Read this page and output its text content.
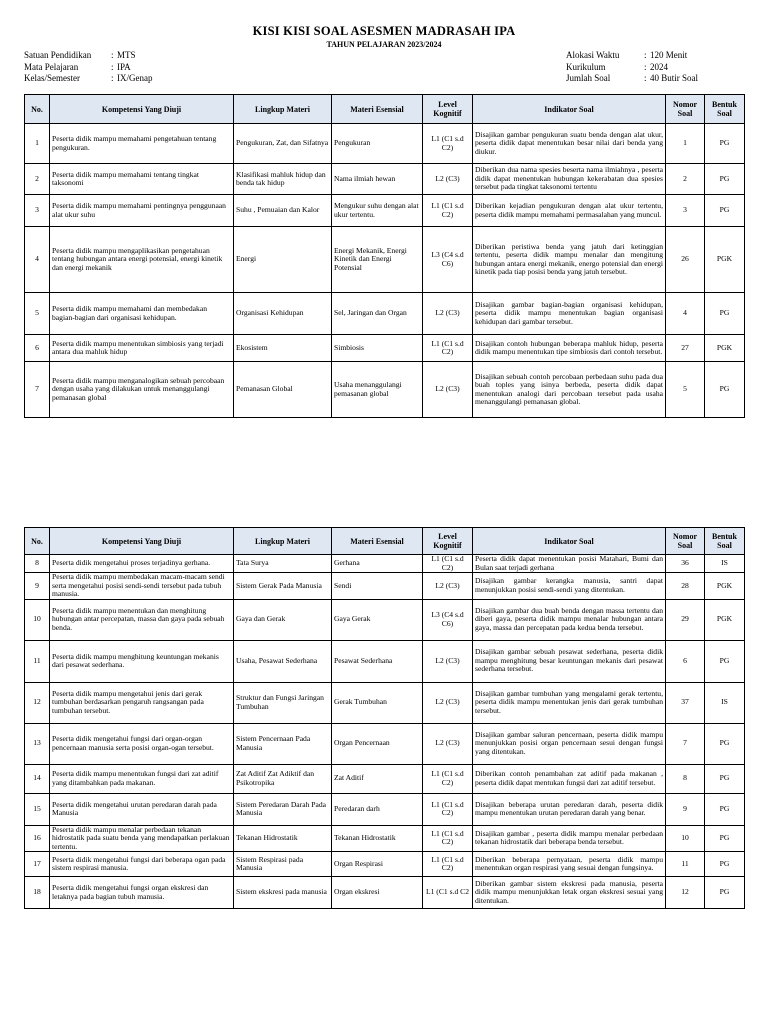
KISI KISI SOAL ASESMEN MADRASAH IPA
TAHUN PELAJARAN 2023/2024
Satuan Pendidikan	: MTS
Mata Pelajaran	: IPA
Kelas/Semester	: IX/Genap
Alokasi Waktu	: 120 Menit
Kurikulum	: 2024
Jumlah Soal	: 40 Butir Soal
No.	Kompetensi Yang Diuji	Lingkup Materi	Materi Esensial	Level Kognitif	Indikator Soal	Nomor Soal	Bentuk Soal
1	Peserta didik mampu memahami pengetahuan tentang pengukuran.	Pengukuran, Zat, dan Sifatnya	Pengukuran	L1 (C1 s.d C2)	Disajikan gambar pengukuran suatu benda dengan alat ukur, peserta didik dapat menentukan besar nilai dari benda yang diukur.	1	PG
2	Peserta didik mampu memahami tentang tingkat taksonomi	Klasifikasi mahluk hidup dan benda tak hidup	Nama ilmiah hewan	L2 (C3)	Diberikan dua nama spesies beserta nama ilmiahnya , peserta didik dapat menentukan hubungan kekerabatan dua spesies tersebut pada tingkat taksonomi tertentu	2	PG
3	Peserta didik mampu memahami pentingnya penggunaan alat ukur suhu	Suhu , Pemuaian dan Kalor	Mengukur suhu dengan alat ukur tertentu.	L1 (C1 s.d C2)	Diberikan kejadian pengukuran dengan alat ukur tertentu, peserta didik mampu memahami permasalahan yang muncul.	3	PG
4	Peserta didik mampu mengaplikasikan pengetahuan tentang hubungan antara energi potensial, energi kinetik dan energi mekanik	Energi	Energi Mekanik, Energi Kinetik dan Energi Potensial	L3 (C4 s.d C6)	Diberikan peristiwa benda yang jatuh dari ketinggian tertentu, peserta didik mampu menalar dan mengitung hubungan antara energi mekanik, energo potensial dan energi kinetik pada tiap posisi benda yang jatuh tersebut.	26	PGK
5	Peserta didik mampu memahami dan membedakan bagian-bagian dari organisasi kehidupan.	Organisasi Kehidupan	Sel, Jaringan dan Organ	L2 (C3)	Disajikan gambar bagian-bagian organisasi kehidupan, peserta didik mampu menentukan bagian organisasi kehidupan dari gambar tersebut.	4	PG
6	Peserta didik mampu menentukan simbiosis yang terjadi antara dua mahluk hidup	Ekosistem	Simbiosis	L1 (C1 s.d C2)	Disajikan contoh hubungan beberapa mahluk hidup, peserta didik mampu menentukan tipe simbiosis dari contoh tersebut.	27	PGK
7	Peserta didik mampu menganalogikan sebuah percobaan dengan usaha yang dilakukan untuk menanggulangi pemanasan global	Pemanasan Global	Usaha menanggulangi pemasanan global	L2 (C3)	Disajikan sebuah contoh percobaan perbedaan suhu pada dua buah toples yang isinya berbeda, peserta didik dapat menentukan analogi dari percobaan tersebut pada usaha menanggulangi pemanasan global.	5	PG
No.	Kompetensi Yang Diuji	Lingkup Materi	Materi Esensial	Level Kognitif	Indikator Soal	Nomor Soal	Bentuk Soal
8	Peserta didik mengetahui proses terjadinya gerhana.	Tata Surya	Gerhana	L1 (C1 s.d C2)	Peserta didik dapat menentukan posisi Matahari, Bumi dan Bulan saat terjadi gerhana	36	IS
9	Peserta didik mampu membedakan macam-macam sendi serta mengetahui posisi sendi-sendi tersebut pada tubuh manusia.	Sistem Gerak Pada Manusia	Sendi	L2 (C3)	Disajikan gambar kerangka manusia, santri dapat menunjukkan posisi sendi-sendi yang ditentukan.	28	PGK
10	Peserta didik mampu menentukan dan menghitung hubungan antar percepatan, massa dan gaya pada sebuah benda.	Gaya dan Gerak	Gaya Gerak	L3 (C4 s.d C6)	Disajikan gambar dua buah benda dengan massa tertentu dan diberi gaya, peserta didik mampu menalar hubungan antara gaya, massa dan percepatan pada kedua benda tersebut.	29	PGK
11	Peserta didik mampu menghitung keuntungan mekanis dari pesawat sederhana.	Usaha, Pesawat Sederhana	Pesawat Sederhana	L2 (C3)	Disajikan gambar sebuah pesawat sederhana, peserta didik mampu menghitung besar keuntungan mekanis dari pesawat sederhana tersebut.	6	PG
12	Peserta didik mampu mengetahui jenis dari gerak tumbuhan berdasarkan pengaruh rangsangan pada tumbuhan tersebut.	Struktur dan Fungsi Jaringan Tumbuhan	Gerak Tumbuhan	L2 (C3)	Disajikan gambar tumbuhan yang mengalami gerak tertentu, peserta didik mampu menentukan jenis dari gerak tumbuhan tersebut.	37	IS
13	Peserta didik mengetahui fungsi dari organ-organ pencernaan manusia serta posisi organ-ogan tersebut.	Sistem Pencernaan Pada Manusia	Organ Pencernaan	L2 (C3)	Disajikan gambar saluran pencernaan, peserta didik mampu menunjukkan posisi organ pencernaan sesui dengan fungsi yang ditentukan.	7	PG
14	Peserta didik mampu menentukan fungsi dari zat aditif yang ditambahkan pada makanan.	Zat Aditif Zat Adiktif dan Psikotropika	Zat Aditif	L1 (C1 s.d C2)	Diberikan contoh penambahan zat aditif pada makanan , peserta didik dapat mentukan fungsi dari zat aditif tersebut.	8	PG
15	Peserta didik mengetahui urutan peredaran darah pada Manusia	Sistem Peredaran Darah Pada Manusia	Peredaran darh	L1 (C1 s.d C2)	Disajikan beberapa urutan peredaran darah, peserta didik mampu menentukan urutan peredaran darah yang benar.	9	PG
16	Peserta didik mampu menalar perbedaan tekanan hidrostatik pada suatu benda yang mendapatkan perlakuan tertentu.	Tekanan Hidrostatik	Tekanan Hidrostatik	L1 (C1 s.d C2)	Disajikan gambar , peserta didik mampu menalar perbedaan tekanan hidrostatik dari beberapa benda tersebut.	10	PG
17	Peserta didik mengetahui fungsi dari beberapa ogan pada sistem respirasi manusia.	Sistem Respirasi pada Manusia	Organ Respirasi	L1 (C1 s.d C2)	Diberikan beberapa pernyataan, peserta didik mampu menentukan organ respirasi yang sesuai dengan fungsinya.	11	PG
18	Peserta didik mengetahui fungsi organ ekskresi dan letaknya pada bagian tubuh manusia.	Sistem ekskresi pada manusia	Organ ekskresi	L1 (C1 s.d C2	Diberikan gambar sistem ekskresi pada manusia, peserta didik mampu menunjukkan letak organ ekskresi sesuai yang ditentukan.	12	PG
